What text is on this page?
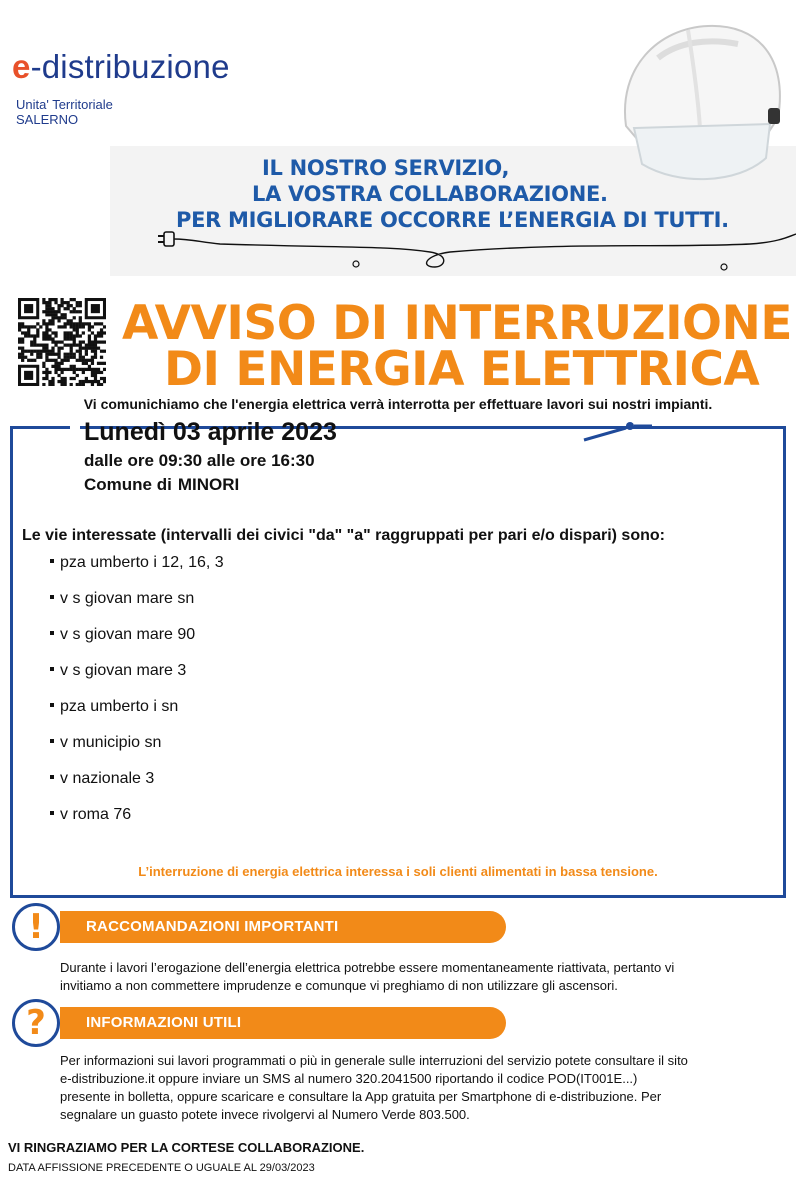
e-distribuzione
Unita' Territoriale
SALERNO
IL NOSTRO SERVIZIO,
LA VOSTRA COLLABORAZIONE.
PER MIGLIORARE OCCORRE L’ENERGIA DI TUTTI.
AVVISO DI INTERRUZIONE
DI ENERGIA ELETTRICA
Vi comunichiamo che l'energia elettrica verrà interrotta per effettuare lavori sui nostri impianti.
Lunedì 03 aprile 2023
dalle ore 09:30 alle ore 16:30
Comune di MINORI
Le vie interessate (intervalli dei civici "da" "a" raggruppati per pari e/o dispari) sono:
pza umberto i 12, 16, 3
v s giovan mare sn
v s giovan mare 90
v s giovan mare 3
pza umberto i sn
v municipio sn
v nazionale 3
v roma 76
L’interruzione di energia elettrica interessa i soli clienti alimentati in bassa tensione.
RACCOMANDAZIONI IMPORTANTI
!
Durante i lavori l’erogazione dell’energia elettrica potrebbe essere momentaneamente riattivata, pertanto vi
invitiamo a non commettere imprudenze e comunque vi preghiamo di non utilizzare gli ascensori.
INFORMAZIONI UTILI
?
Per informazioni sui lavori programmati o più in generale sulle interruzioni del servizio potete consultare il sito
e-distribuzione.it oppure inviare un SMS al numero 320.2041500 riportando il codice POD(IT001E...)
presente in bolletta, oppure scaricare e consultare la App gratuita per Smartphone di e-distribuzione. Per
segnalare un guasto potete invece rivolgervi al Numero Verde 803.500.
VI RINGRAZIAMO PER LA CORTESE COLLABORAZIONE.
DATA AFFISSIONE PRECEDENTE O UGUALE AL 29/03/2023
